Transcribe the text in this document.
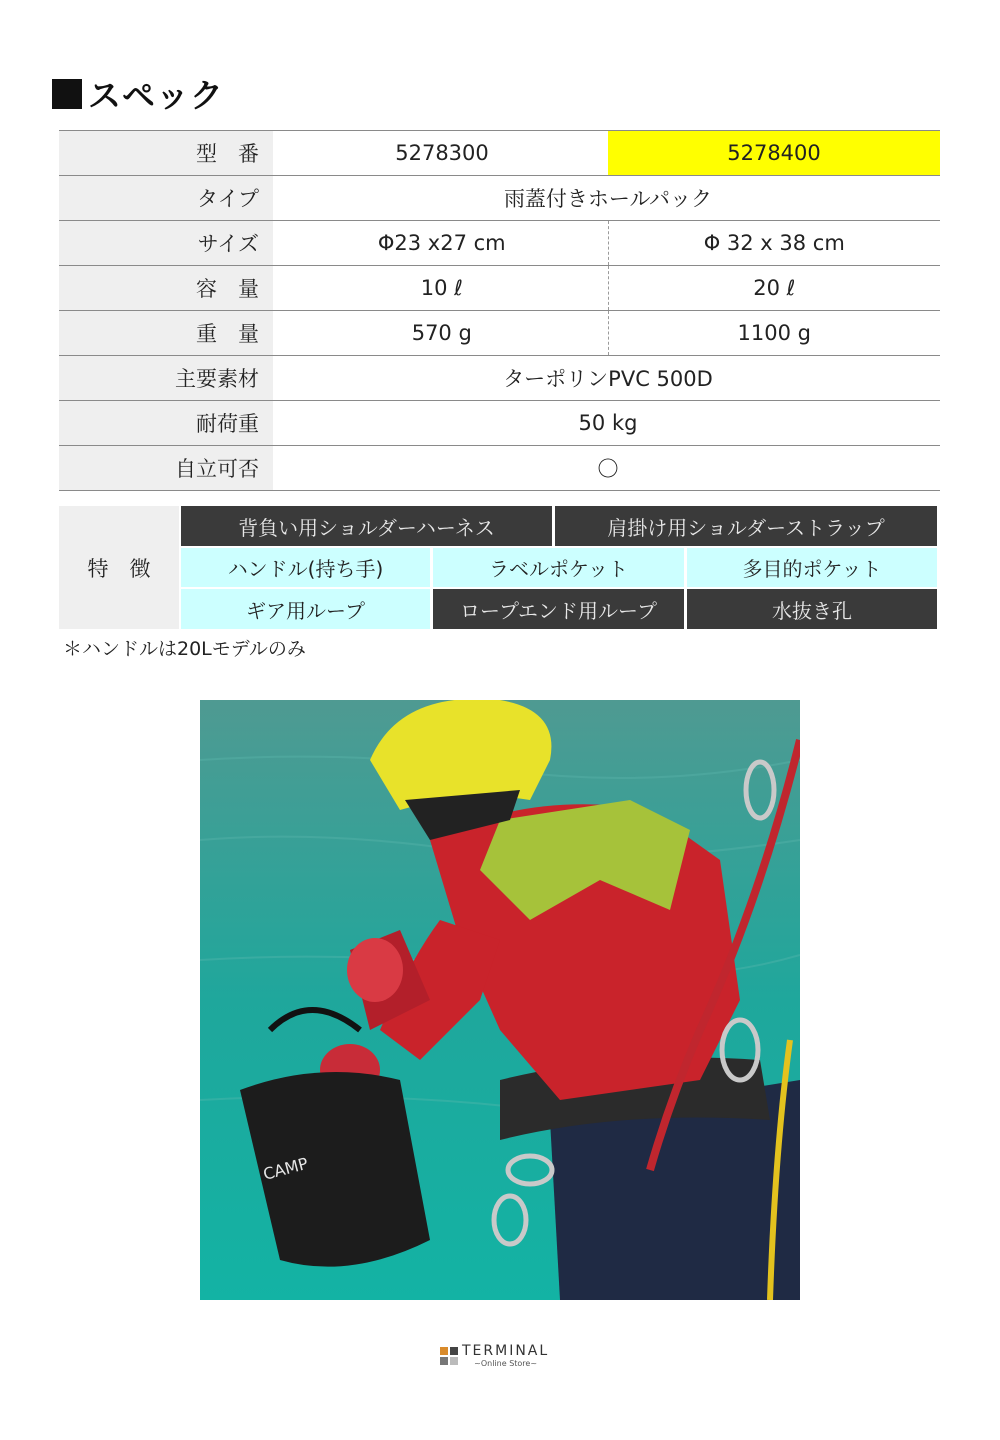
スペック
型　番	5278300	5278400
タイプ	雨蓋付きホールパック
サイズ	Φ23 x27 cm	Φ 32 x 38 cm
容　量	10 ℓ	20 ℓ
重　量	570 g	1100 g
主要素材	ターポリンPVC 500D
耐荷重	50 kg
自立可否	〇
特　徴
背負い用ショルダーハーネス	肩掛け用ショルダーストラップ
ハンドル(持ち手)	ラベルポケット	多目的ポケット
ギア用ループ	ロープエンド用ループ	水抜き孔
＊ハンドルは20Lモデルのみ
CAMP
TERMINAL
~Online Store~
